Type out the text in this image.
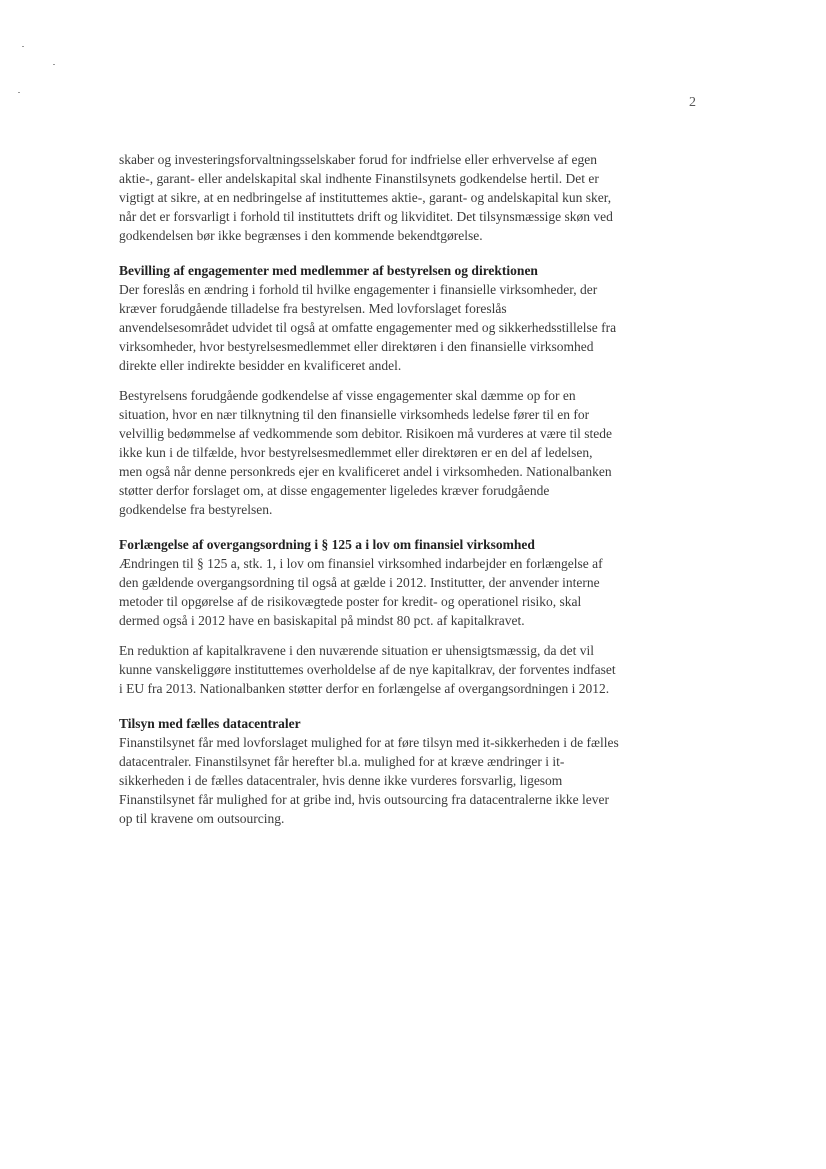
2

skaber og investeringsforvaltningsselskaber forud for indfrielse eller erhvervelse af egen aktie-, garant- eller andelskapital skal indhente Finanstilsynets godkendelse hertil. Det er vigtigt at sikre, at en nedbringelse af instituttemes aktie-, garant- og andelskapital kun sker, når det er forsvarligt i forhold til instituttets drift og likviditet. Det tilsynsmæssige skøn ved godkendelsen bør ikke begrænses i den kommende bekendtgørelse.

Bevilling af engagementer med medlemmer af bestyrelsen og direktionen

Der foreslås en ændring i forhold til hvilke engagementer i finansielle virksomheder, der kræver forudgående tilladelse fra bestyrelsen. Med lovforslaget foreslås anvendelsesområdet udvidet til også at omfatte engagementer med og sikkerhedsstillelse fra virksomheder, hvor bestyrelsesmedlemmet eller direktøren i den finansielle virksomhed direkte eller indirekte besidder en kvalificeret andel.

Bestyrelsens forudgående godkendelse af visse engagementer skal dæmme op for en situation, hvor en nær tilknytning til den finansielle virksomheds ledelse fører til en for velvillig bedømmelse af vedkommende som debitor. Risikoen må vurderes at være til stede ikke kun i de tilfælde, hvor bestyrelsesmedlemmet eller direktøren er en del af ledelsen, men også når denne personkreds ejer en kvalificeret andel i virksomheden. Nationalbanken støtter derfor forslaget om, at disse engagementer ligeledes kræver forudgående godkendelse fra bestyrelsen.

Forlængelse af overgangsordning i § 125 a i lov om finansiel virksomhed

Ændringen til § 125 a, stk. 1, i lov om finansiel virksomhed indarbejder en forlængelse af den gældende overgangsordning til også at gælde i 2012. Institutter, der anvender interne metoder til opgørelse af de risikovægtede poster for kredit- og operationel risiko, skal dermed også i 2012 have en basiskapital på mindst 80 pct. af kapitalkravet.

En reduktion af kapitalkravene i den nuværende situation er uhensigtsmæssig, da det vil kunne vanskeliggøre instituttemes overholdelse af de nye kapitalkrav, der forventes indfaset i EU fra 2013. Nationalbanken støtter derfor en forlængelse af overgangsordningen i 2012.

Tilsyn med fælles datacentraler

Finanstilsynet får med lovforslaget mulighed for at føre tilsyn med it-sikkerheden i de fælles datacentraler. Finanstilsynet får herefter bl.a. mulighed for at kræve ændringer i it-sikkerheden i de fælles datacentraler, hvis denne ikke vurderes forsvarlig, ligesom Finanstilsynet får mulighed for at gribe ind, hvis outsourcing fra datacentralerne ikke lever op til kravene om outsourcing.
